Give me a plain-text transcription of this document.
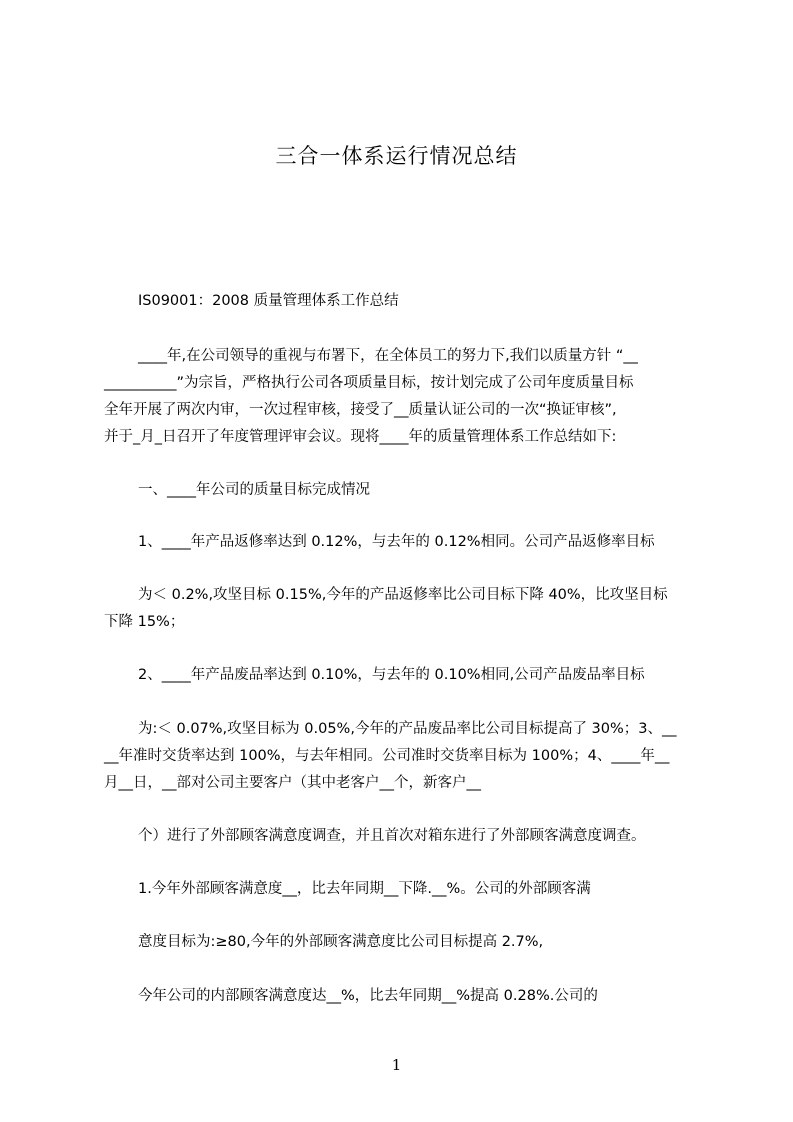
三合一体系运行情况总结
IS09001：2008 质量管理体系工作总结
____年,在公司领导的重视与布署下，在全体员工的努力下,我们以质量方针 “__
__________”为宗旨，严格执行公司各项质量目标，按计划完成了公司年度质量目标
全年开展了两次内审，一次过程审核，接受了__质量认证公司的一次“换证审核”,
并于_月_日召开了年度管理评审会议。现将____年的质量管理体系工作总结如下:
一、____年公司的质量目标完成情况
1、____年产品返修率达到 0.12%，与去年的 0.12%相同。公司产品返修率目标
为＜ 0.2%,攻坚目标 0.15%,今年的产品返修率比公司目标下降 40%，比攻坚目标
下降 15%；
2、____年产品废品率达到 0.10%，与去年的 0.10%相同,公司产品废品率目标
为:＜ 0.07%,攻坚目标为 0.05%,今年的产品废品率比公司目标提高了 30%；3、__
__年准时交货率达到 100%，与去年相同。公司准时交货率目标为 100%；4、____年__
月__日，__部对公司主要客户（其中老客户__个，新客户__
个）进行了外部顾客满意度调查，并且首次对箱东进行了外部顾客满意度调查。
1.今年外部顾客满意度__，比去年同期__下降.__%。公司的外部顾客满
意度目标为:≥80,今年的外部顾客满意度比公司目标提高 2.7%,
今年公司的内部顾客满意度达__%，比去年同期__%提高 0.28%.公司的
1
